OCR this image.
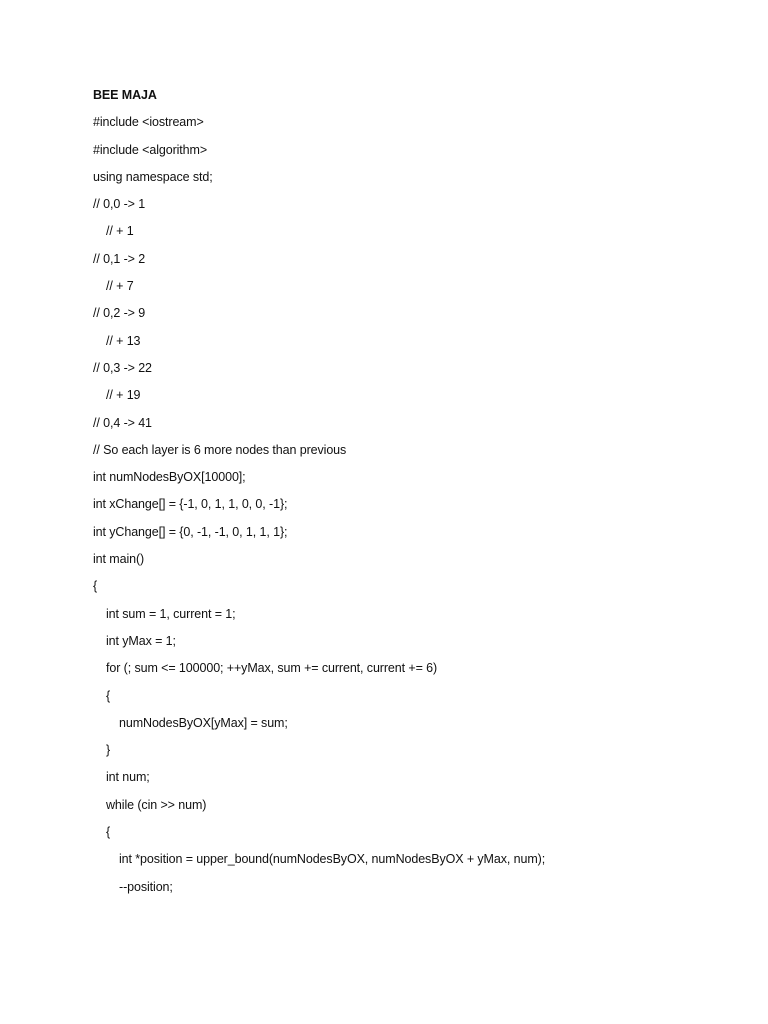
BEE MAJA
#include <iostream>
#include <algorithm>
using namespace std;
// 0,0 -> 1
// + 1
// 0,1 -> 2
// + 7
// 0,2 -> 9
// + 13
// 0,3 -> 22
// + 19
// 0,4 -> 41
// So each layer is 6 more nodes than previous
int numNodesByOX[10000];
int xChange[] = {-1, 0, 1, 1, 0, 0, -1};
int yChange[] = {0, -1, -1, 0, 1, 1, 1};
int main()
{
int sum = 1, current = 1;
int yMax = 1;
for (; sum <= 100000; ++yMax, sum += current, current += 6)
{
numNodesByOX[yMax] = sum;
}
int num;
while (cin >> num)
{
int *position = upper_bound(numNodesByOX, numNodesByOX + yMax, num);
--position;
